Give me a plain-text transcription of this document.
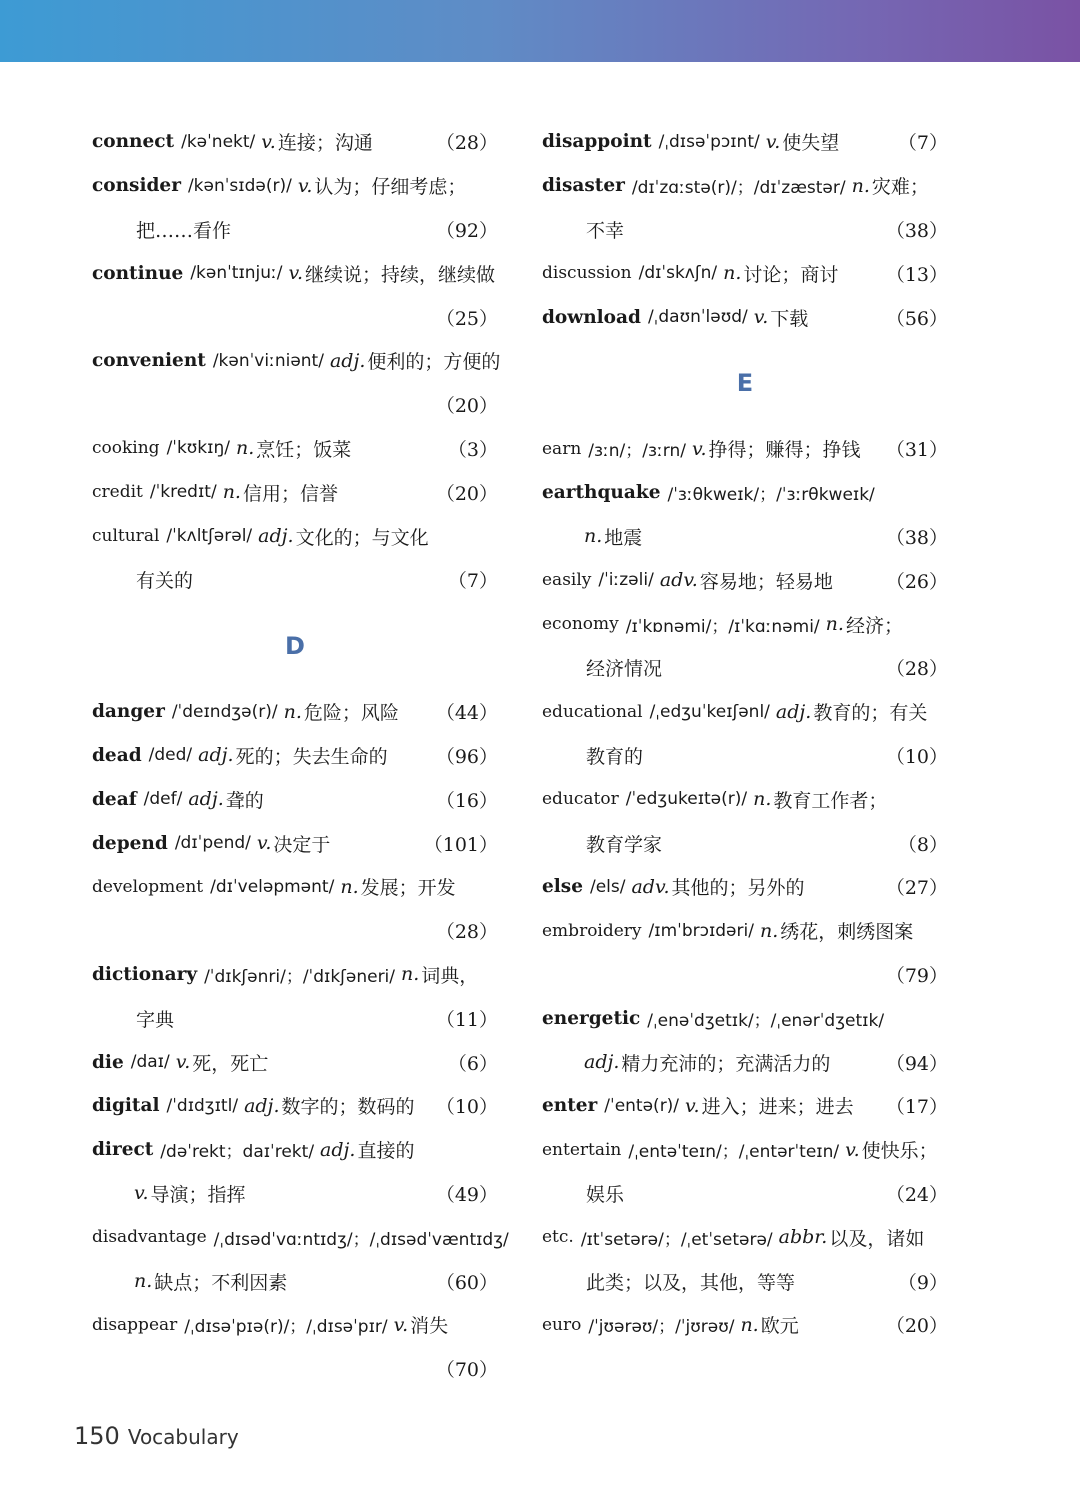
connect /kəˈnekt/ v. 连接；沟通	（28）
consider /kənˈsɪdə(r)/ v. 认为；仔细考虑；
把……看作	（92）
continue /kənˈtɪnjuː/ v. 继续说；持续，继续做
（25）
convenient /kənˈviːniənt/ adj. 便利的；方便的
（20）
cooking /ˈkʊkɪŋ/ n. 烹饪；饭菜	（3）
credit /ˈkredɪt/ n. 信用；信誉	（20）
cultural /ˈkʌltʃərəl/ adj. 文化的；与文化
有关的	（7）
D
danger /ˈdeɪndʒə(r)/ n. 危险；风险 （44）
dead /ded/ adj. 死的；失去生命的	（96）
deaf /def/ adj. 聋的	（16）
depend /dɪˈpend/ v. 决定于	（101）
development /dɪˈveləpmənt/ n. 发展；开发
（28）
dictionary /ˈdɪkʃənri/；/ˈdɪkʃəneri/ n. 词典，
字典	（11）
die /daɪ/ v. 死，死亡	（6）
digital /ˈdɪdʒɪtl/ adj. 数字的；数码的 （10）
direct /dəˈrekt；daɪˈrekt/ adj. 直接的
v. 导演；指挥	（49）
disadvantage /ˌdɪsədˈvɑːntɪdʒ/；/ˌdɪsədˈvæntɪdʒ/
n. 缺点；不利因素	（60）
disappear /ˌdɪsəˈpɪə(r)/；/ˌdɪsəˈpɪr/ v. 消失
（70）
disappoint /ˌdɪsəˈpɔɪnt/ v. 使失望	（7）
disaster /dɪˈzɑːstə(r)/；/dɪˈzæstər/ n. 灾难；
不幸	（38）
discussion /dɪˈskʌʃn/ n. 讨论；商讨 （13）
download /ˌdaʊnˈləʊd/ v. 下载	（56）
E
earn /ɜːn/；/ɜːrn/ v. 挣得；赚得；挣钱 （31）
earthquake /ˈɜːθkweɪk/；/ˈɜːrθkweɪk/
n. 地震	（38）
easily /ˈiːzəli/ adv. 容易地；轻易地	（26）
economy /ɪˈkɒnəmi/；/ɪˈkɑːnəmi/ n. 经济；
经济情况	（28）
educational /ˌedʒuˈkeɪʃənl/ adj. 教育的；有关
教育的	（10）
educator /ˈedʒukeɪtə(r)/ n. 教育工作者；
教育学家	（8）
else /els/ adv. 其他的；另外的	（27）
embroidery /ɪmˈbrɔɪdəri/ n. 绣花，刺绣图案
（79）
energetic /ˌenəˈdʒetɪk/；/ˌenərˈdʒetɪk/
adj. 精力充沛的；充满活力的	（94）
enter /ˈentə(r)/ v. 进入；进来；进去 （17）
entertain /ˌentəˈteɪn/；/ˌentərˈteɪn/ v. 使快乐；
娱乐	（24）
etc. /ɪtˈsetərə/；/ˌetˈsetərə/ abbr. 以及，诸如
此类；以及，其他，等等	（9）
euro /ˈjʊərəʊ/；/ˈjʊrəʊ/ n. 欧元	（20）
150 Vocabulary
